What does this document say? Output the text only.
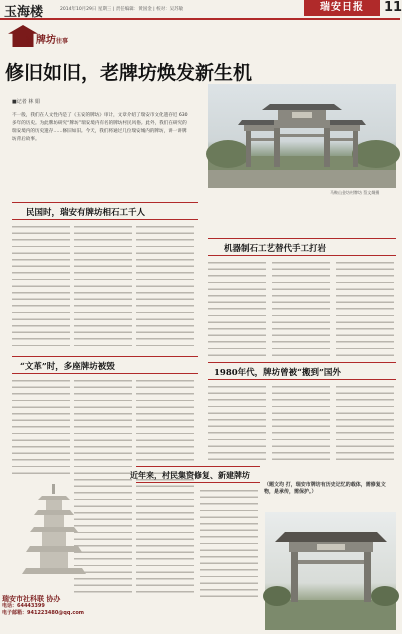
玉海楼	2014年10月29日 星期三 | 责任编辑：黄国金 | 校对：吴苏敏	瑞安日报	11
瑞安 牌坊往事
修旧如旧，老牌坊焕发新生机
■记者 林 娟
不一般，我们在人文性内是了《玉安的牌坊》审计，文章介绍了瑞安市文化遗存近 630 多年的历史。为此牌坊研究“牌坊”瑞安境内有名的牌坊村民风俗。此外，我们在研究的瑞安境内的历史遗存……修旧如旧。今天，我们将通过几位瑞安城内的牌坊，讲一讲牌坊背后故事。
马鞍山金坊村牌坊 蔡文炯摄
民国时，瑞安有牌坊相石工千人
“文革”时，多座牌坊被毁
机器制石工艺替代手工打岩
1980年代，牌坊曾被“搬到”国外
近年来，村民集资修复、新建牌坊
（题文均 打，瑞安市牌坊有历史记忆的载体，需修复文物，是承传，需保护。）
瑞安市社科联 协办
电话：64443399
电子邮箱：941223480@qq.com
